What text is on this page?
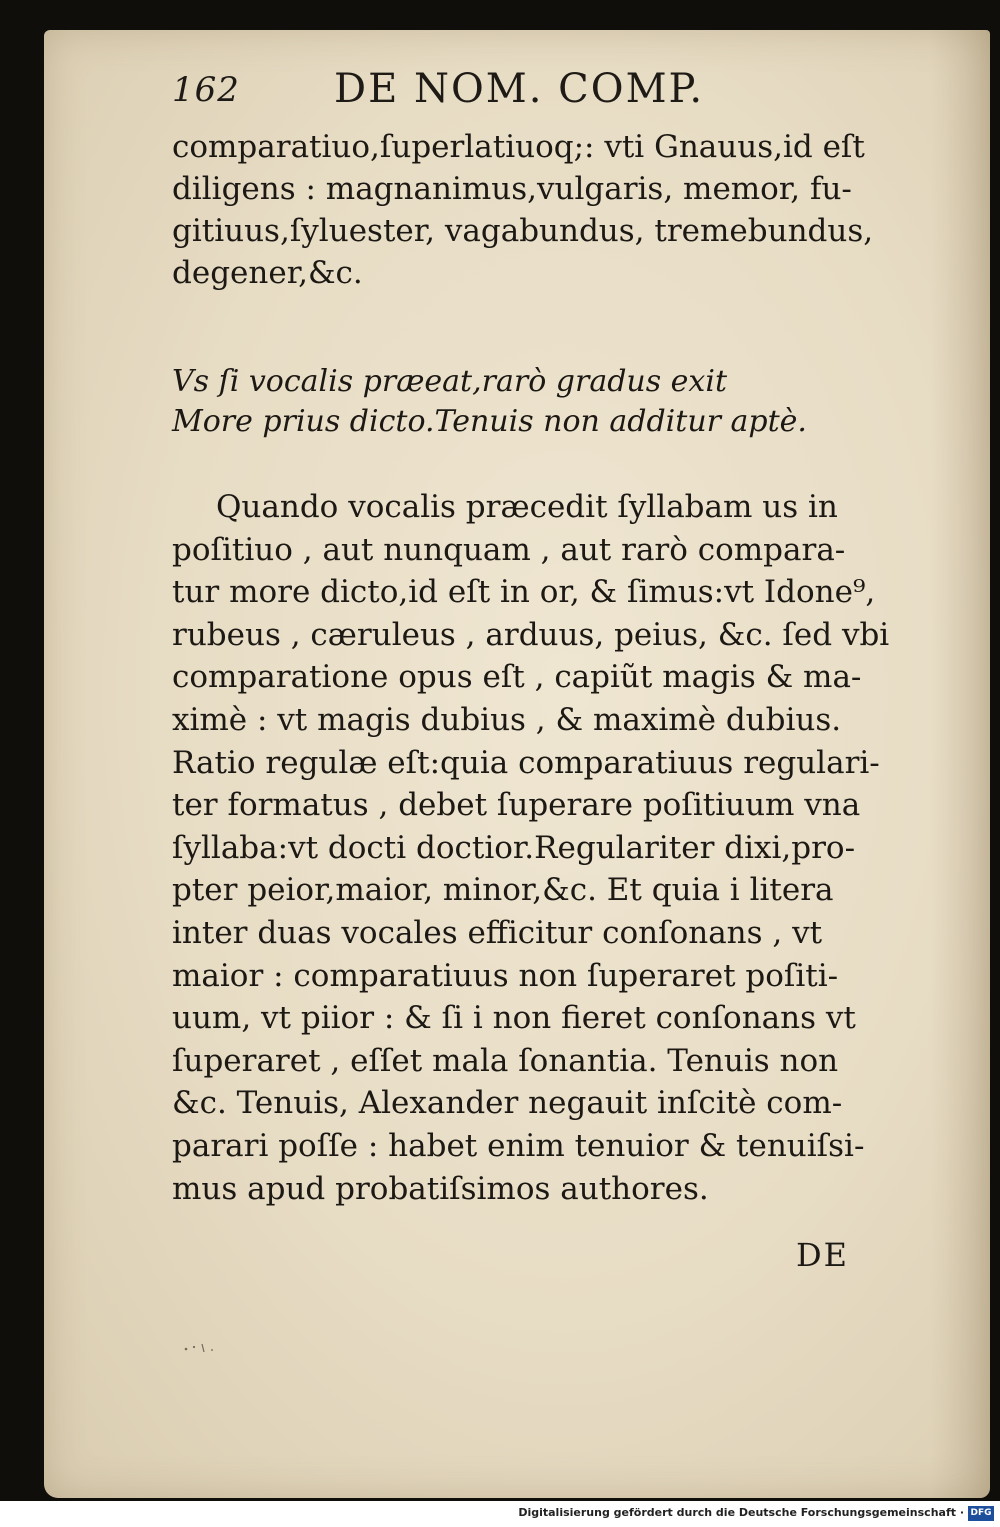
162 DE NOM. COMP.
comparatiuo,ſuperlatiuoq;: vti Gnauus,id eſt
diligens : magnanimus,vulgaris, memor, fu-
gitiuus,ſyluester, vagabundus, tremebundus,
degener,&c.
Vs ſi vocalis præeat,rarò gradus exit
More prius dicto.Tenuis non additur aptè.
Quando vocalis præcedit ſyllabam us in
poſitiuo , aut nunquam , aut rarò compara-
tur more dicto,id eſt in or, & ſimus:vt Idone⁹,
rubeus , cæruleus , arduus, peius, &c. ſed vbi
comparatione opus eſt , capiũt magis & ma-
ximè : vt magis dubius , & maximè dubius.
Ratio regulæ eſt:quia comparatiuus regulari-
ter formatus , debet ſuperare poſitiuum vna
ſyllaba:vt docti doctior.Regulariter dixi,pro-
pter peior,maior, minor,&c. Et quia i litera
inter duas vocales efficitur conſonans , vt
maior : comparatiuus non ſuperaret poſiti-
uum, vt piior : & ſi i non fieret conſonans vt
ſuperaret , eſſet mala ſonantia. Tenuis non
&c. Tenuis, Alexander negauit inſcitè com-
parari poſſe : habet enim tenuior & tenuiſsi-
mus apud probatiſsimos authores.
DE
Digitalisierung gefördert durch die Deutsche Forschungsgemeinschaft · DFG
